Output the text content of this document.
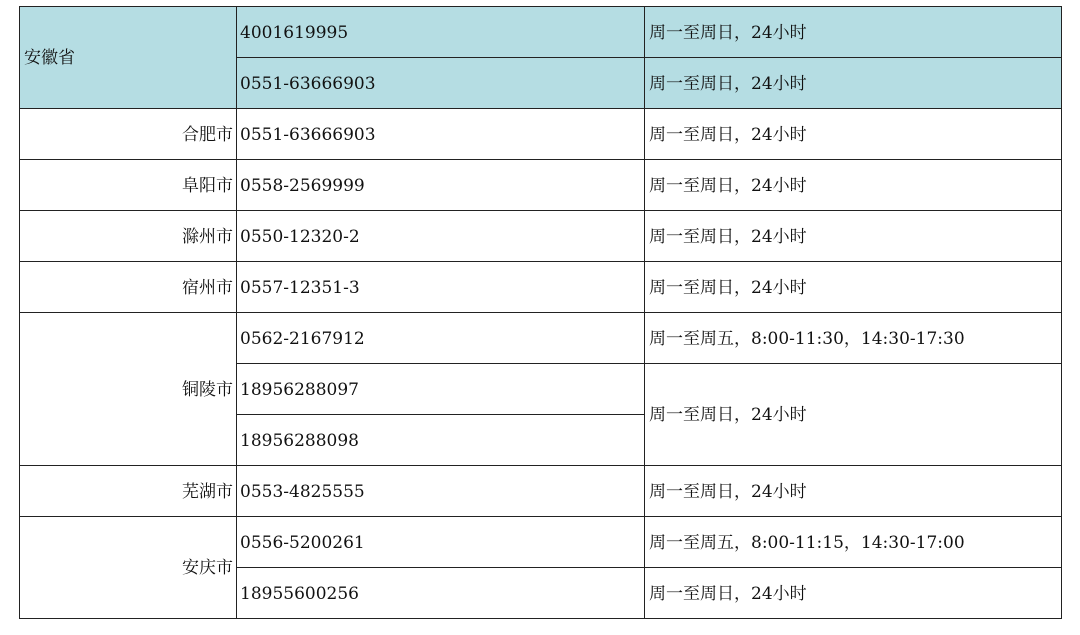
安徽省	4001619995	周一至周日，24小时
	0551-63666903	周一至周日，24小时
合肥市	0551-63666903	周一至周日，24小时
阜阳市	0558-2569999	周一至周日，24小时
滁州市	0550-12320-2	周一至周日，24小时
宿州市	0557-12351-3	周一至周日，24小时
铜陵市	0562-2167912	周一至周五，8:00-11:30，14:30-17:30
	18956288097	周一至周日，24小时
	18956288098	
芜湖市	0553-4825555	周一至周日，24小时
安庆市	0556-5200261	周一至周五，8:00-11:15，14:30-17:00
	18955600256	周一至周日，24小时
